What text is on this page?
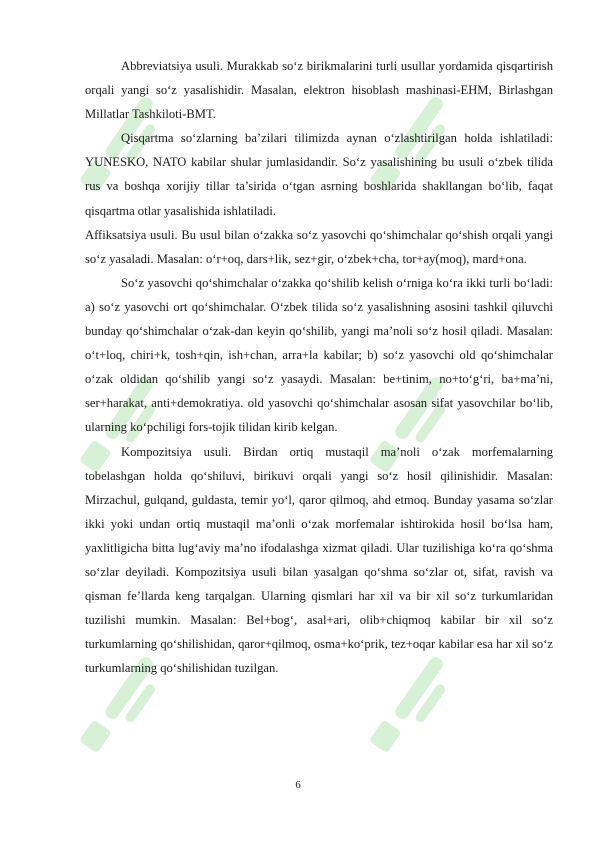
Abbreviatsiya usuli. Murakkab so‘z birikmalarini turli usullar yordamida qisqartirish orqali yangi so‘z yasalishidir. Masalan, elektron hisoblash mashinasi-EHM, Birlashgan Millatlar Tashkiloti-BMT.

Qisqartma so‘zlarning ba’zilari tilimizda aynan o‘zlashtirilgan holda ishlatiladi: YUNESKO, NATO kabilar shular jumlasidandir. So‘z yasalishining bu usuli o‘zbek tilida rus va boshqa xorijiy tillar ta’sirida o‘tgan asrning boshlarida shakllangan bo‘lib, faqat qisqartma otlar yasalishida ishlatiladi.

Affiksatsiya usuli. Bu usul bilan o‘zakka so‘z yasovchi qo‘shimchalar qo‘shish orqali yangi so‘z yasaladi. Masalan: o‘r+oq, dars+lik, sez+gir, o‘zbek+cha, tor+ay(moq), mard+ona.

So‘z yasovchi qo‘shimchalar o‘zakka qo‘shilib kelish o‘rniga ko‘ra ikki turli bo‘ladi: a) so‘z yasovchi ort qo‘shimchalar. O‘zbek tilida so‘z yasalishning asosini tashkil qiluvchi bunday qo‘shimchalar o‘zak-dan keyin qo‘shilib, yangi ma’noli so‘z hosil qiladi. Masalan: o‘t+loq, chiri+k, tosh+qin, ish+chan, arra+la kabilar; b) so‘z yasovchi old qo‘shimchalar o‘zak oldidan qo‘shilib yangi so‘z yasaydi. Masalan: be+tinim, no+to‘g‘ri, ba+ma’ni, ser+harakat, anti+demokratiya. old yasovchi qo‘shimchalar asosan sifat yasovchilar bo‘lib, ularning ko‘pchiligi fors-tojik tilidan kirib kelgan.

Kompozitsiya usuli. Birdan ortiq mustaqil ma’noli o‘zak morfemalarning tobelashgan holda qo‘shiluvi, birikuvi orqali yangi so‘z hosil qilinishidir. Masalan: Mirzachul, gulqand, guldasta, temir yo‘l, qaror qilmoq, ahd etmoq. Bunday yasama so‘zlar ikki yoki undan ortiq mustaqil ma’onli o‘zak morfemalar ishtirokida hosil bo‘lsa ham, yaxlitligicha bitta lug‘aviy ma’no ifodalashga xizmat qiladi. Ular tuzilishiga ko‘ra qo‘shma so‘zlar deyiladi. Kompozitsiya usuli bilan yasalgan qo‘shma so‘zlar ot, sifat, ravish va qisman fe’llarda keng tarqalgan. Ularning qismlari har xil va bir xil so‘z turkumlaridan tuzilishi mumkin. Masalan: Bel+bog‘, asal+ari, olib+chiqmoq kabilar bir xil so‘z turkumlarning qo‘shilishidan, qaror+qilmoq, osma+ko‘prik, tez+oqar kabilar esa har xil so‘z turkumlarning qo‘shilishidan tuzilgan.

6
